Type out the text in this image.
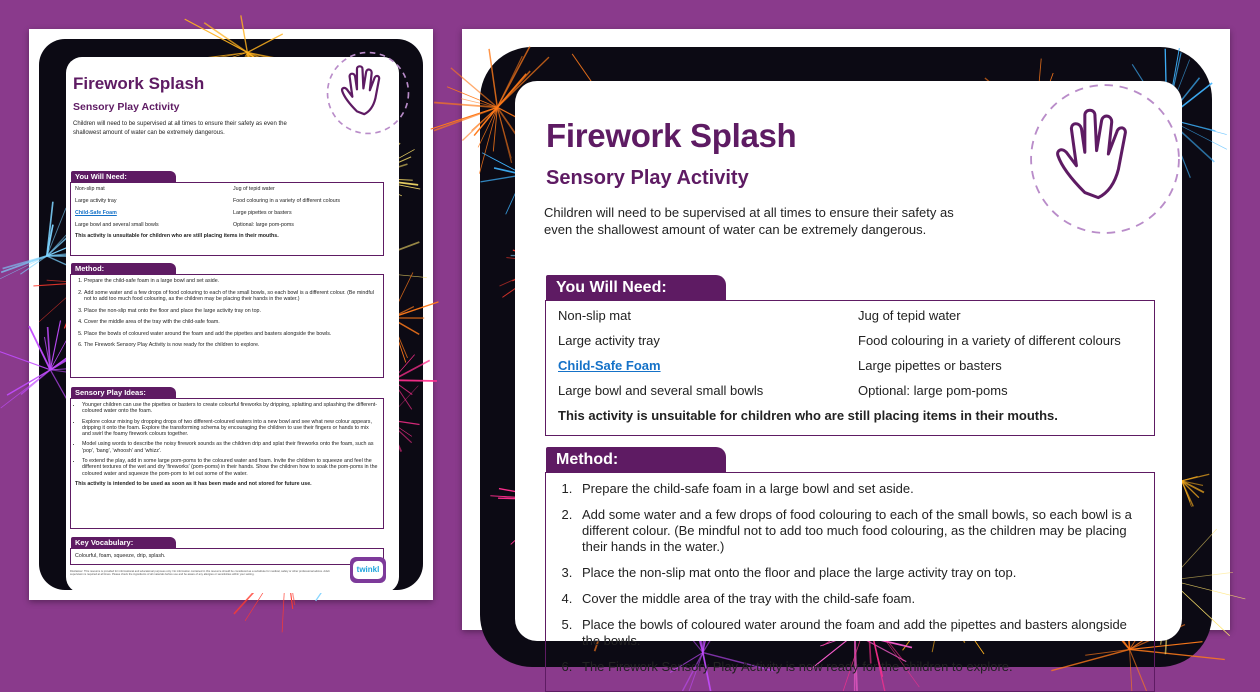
Firework Splash
Sensory Play Activity
Children will need to be supervised at all times to ensure their safety as even the shallowest amount of water can be extremely dangerous.
You Will Need:
Non-slip mat	Jug of tepid water
Large activity tray	Food colouring in a variety of different colours
Child-Safe Foam	Large pipettes or basters
Large bowl and several small bowls	Optional: large pom-poms
This activity is unsuitable for children who are still placing items in their mouths.
Method:
1. Prepare the child-safe foam in a large bowl and set aside.
2. Add some water and a few drops of food colouring to each of the small bowls, so each bowl is a different colour. (Be mindful not to add too much food colouring, as the children may be placing their hands in the water.)
3. Place the non-slip mat onto the floor and place the large activity tray on top.
4. Cover the middle area of the tray with the child-safe foam.
5. Place the bowls of coloured water around the foam and add the pipettes and basters alongside the bowls.
6. The Firework Sensory Play Activity is now ready for the children to explore.
Sensory Play Ideas:
• Younger children can use the pipettes or basters to create colourful fireworks by dripping, splatting and splashing the different-coloured water onto the foam.
• Explore colour mixing by dropping drops of two different-coloured waters into a new bowl and see what new colour appears, dripping it onto the foam. Explore the transforming schema by encouraging the children to use their fingers or hands to mix and swirl the foamy firework colours together.
• Model using words to describe the noisy firework sounds as the children drip and splat their fireworks onto the foam, such as 'pop', 'bang', 'whoosh' and 'whizz'.
• To extend the play, add in some large pom-poms to the coloured water and foam. Invite the children to squeeze and feel the different textures of the wet and dry 'fireworks' (pom-poms) in their hands. Show the children how to soak the pom-poms in the coloured water and squeeze the pom-pom to let out some of the water.
This activity is intended to be used as soon as it has been made and not stored for future use.
Key Vocabulary:
Colourful, foam, squeeze, drip, splash.
Disclaimer: This resource is provided for informational and educational purposes only. No information contained in this resource should be considered as a substitute for medical, safety or other professional advice. Adult supervision is required at all times. Please check the ingredients of all materials before use and be aware of any allergies or sensitivities within your setting.
twinkl
Firework Splash
Sensory Play Activity
Children will need to be supervised at all times to ensure their safety as even the shallowest amount of water can be extremely dangerous.
You Will Need:
Non-slip mat	Jug of tepid water
Large activity tray	Food colouring in a variety of different colours
Child-Safe Foam	Large pipettes or basters
Large bowl and several small bowls	Optional: large pom-poms
This activity is unsuitable for children who are still placing items in their mouths.
Method:
1. Prepare the child-safe foam in a large bowl and set aside.
2. Add some water and a few drops of food colouring to each of the small bowls, so each bowl is a different colour. (Be mindful not to add too much food colouring, as the children may be placing their hands in the water.)
3. Place the non-slip mat onto the floor and place the large activity tray on top.
4. Cover the middle area of the tray with the child-safe foam.
5. Place the bowls of coloured water around the foam and add the pipettes and basters alongside the bowls.
6. The Firework Sensory Play Activity is now ready for the children to explore.
